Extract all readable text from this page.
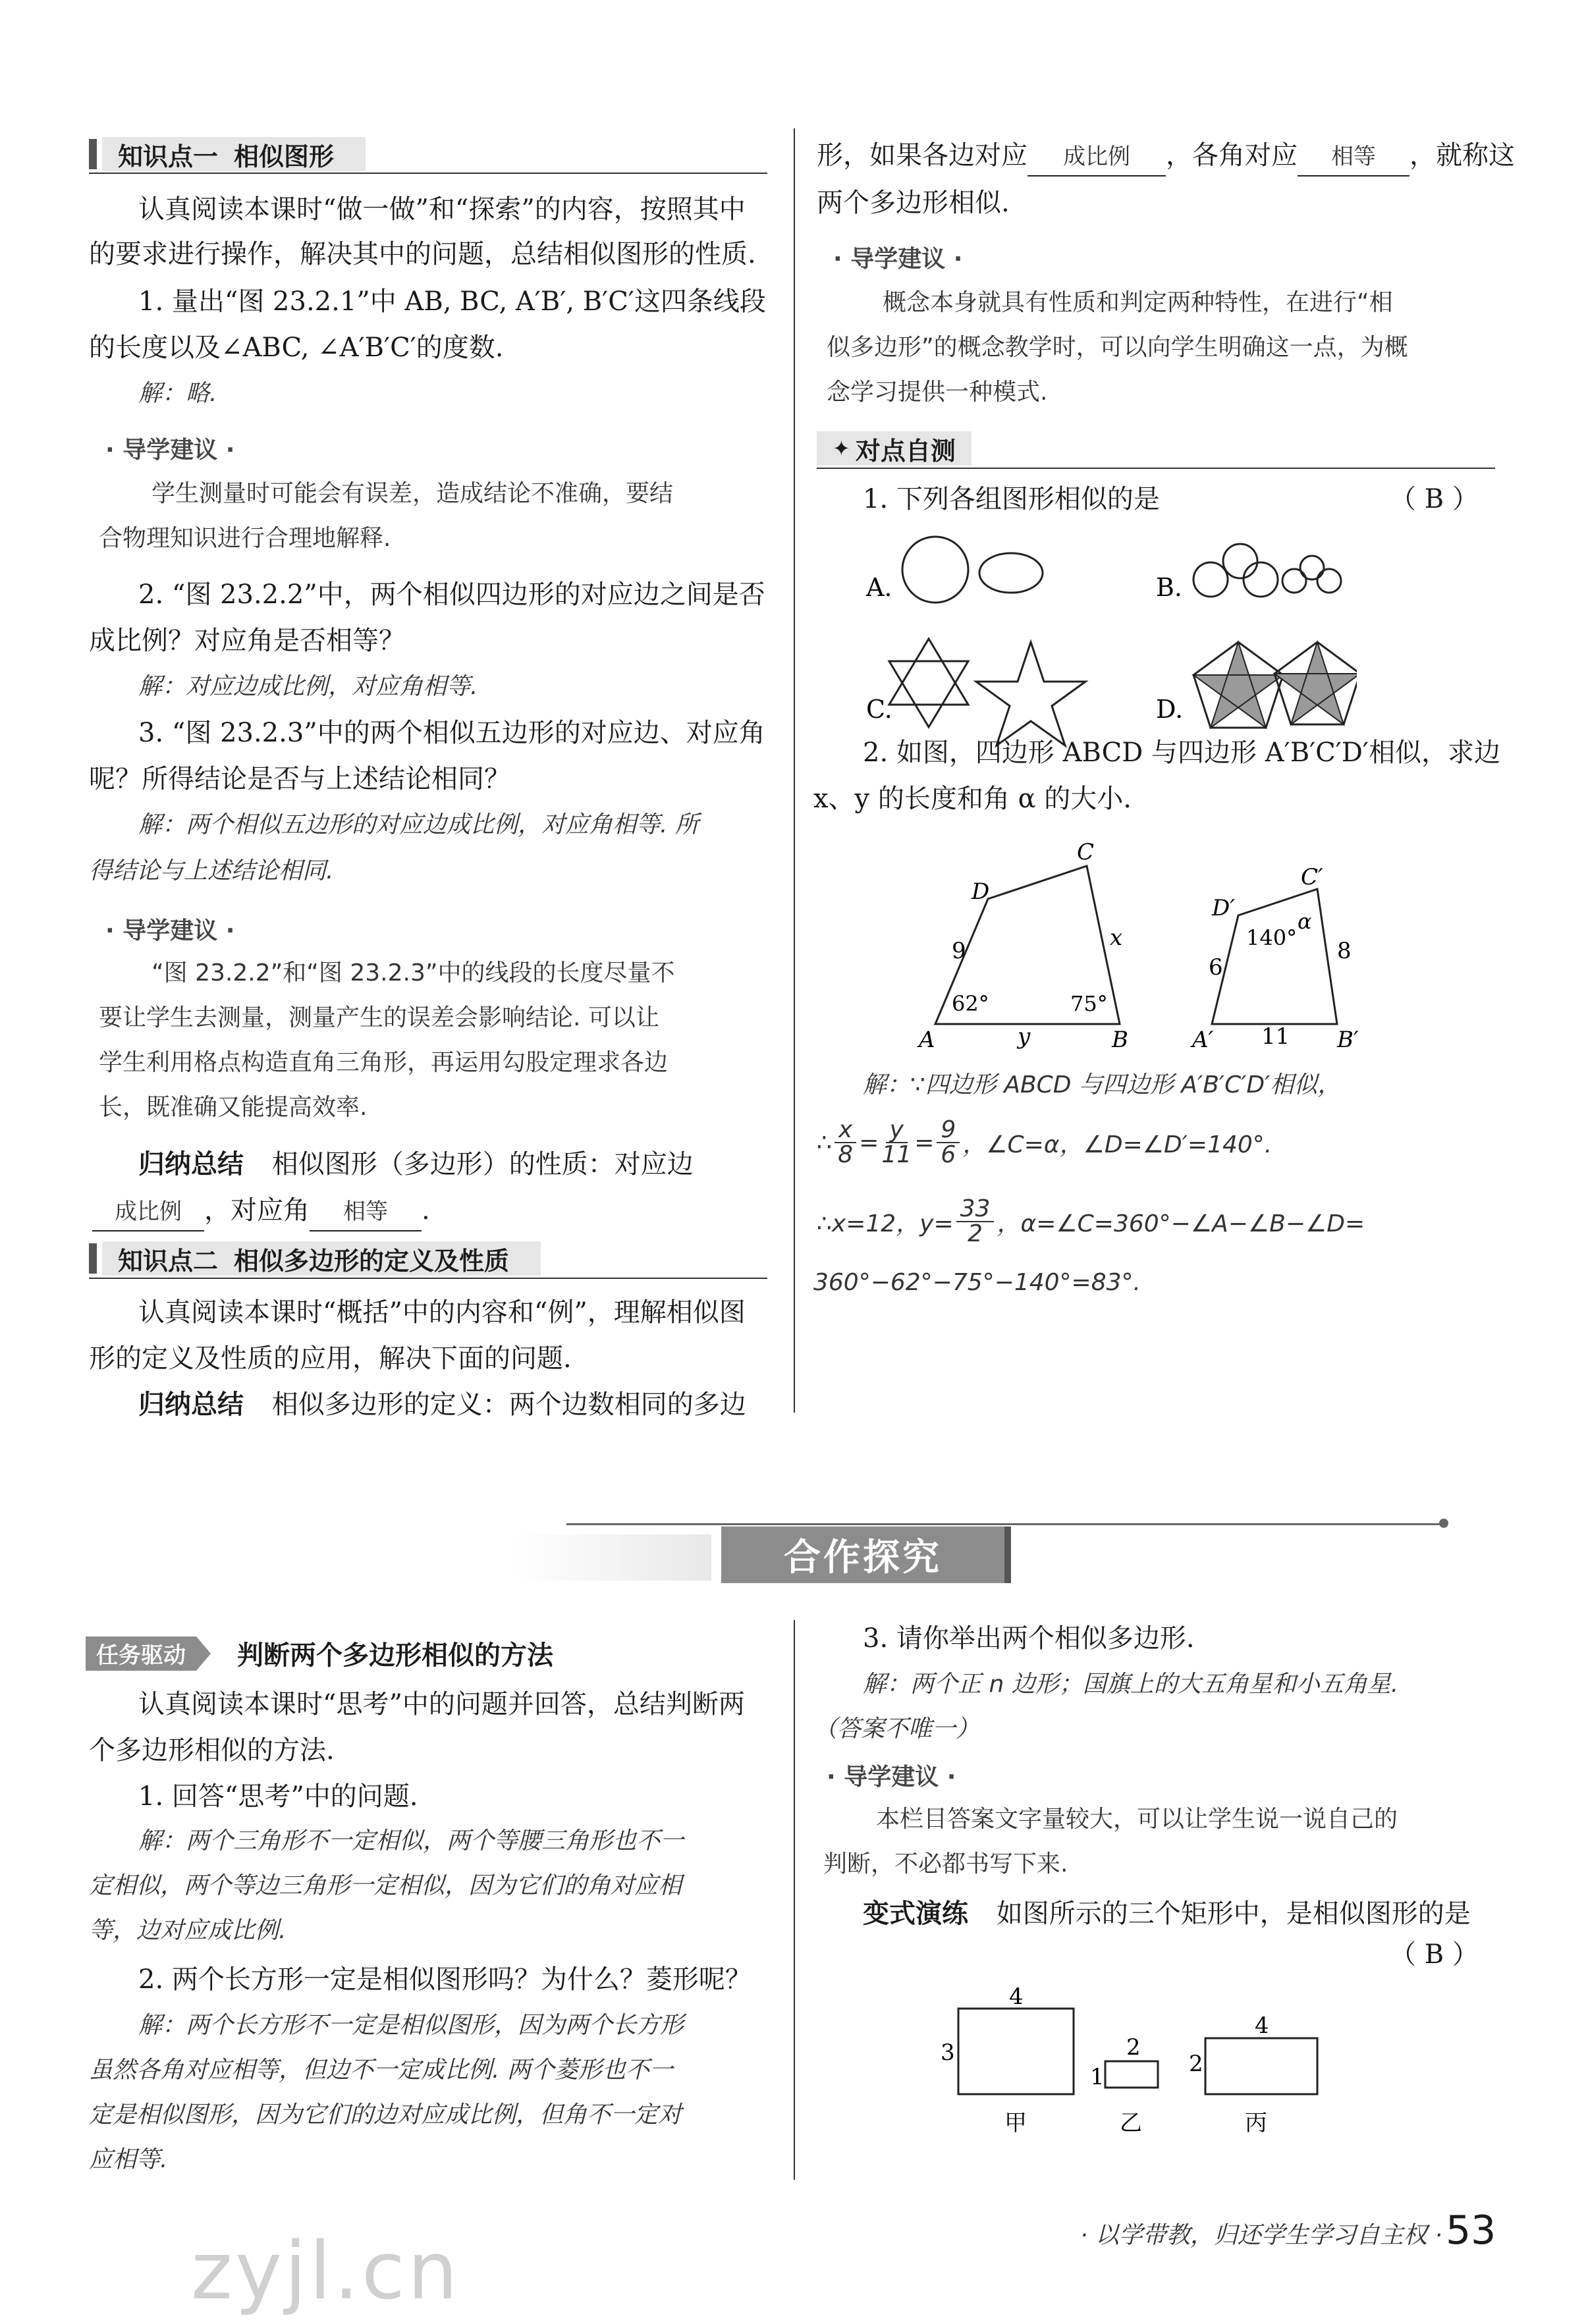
知识点一 相似图形
认真阅读本课时“做一做”和“探索”的内容，按照其中
的要求进行操作，解决其中的问题，总结相似图形的性质.
1. 量出“图 23.2.1”中 AB, BC, A′B′, B′C′这四条线段
的长度以及∠ABC, ∠A′B′C′的度数.
解：略.
· 导学建议 ·
学生测量时可能会有误差，造成结论不准确，要结
合物理知识进行合理地解释.
2. “图 23.2.2”中，两个相似四边形的对应边之间是否
成比例？对应角是否相等？
解：对应边成比例，对应角相等.
3. “图 23.2.3”中的两个相似五边形的对应边、对应角
呢？所得结论是否与上述结论相同？
解：两个相似五边形的对应边成比例，对应角相等. 所
得结论与上述结论相同.
· 导学建议 ·
“图 23.2.2”和“图 23.2.3”中的线段的长度尽量不
要让学生去测量，测量产生的误差会影响结论. 可以让
学生利用格点构造直角三角形，再运用勾股定理求各边
长，既准确又能提高效率.
归纳总结 相似图形（多边形）的性质：对应边
成比例 ，对应角 相等 .
知识点二 相似多边形的定义及性质
认真阅读本课时“概括”中的内容和“例”，理解相似图
形的定义及性质的应用，解决下面的问题.
归纳总结 相似多边形的定义：两个边数相同的多边
形，如果各边对应 成比例 ，各角对应 相等 ，就称这
两个多边形相似.
· 导学建议 ·
概念本身就具有性质和判定两种特性，在进行“相
似多边形”的概念教学时，可以向学生明确这一点，为概
念学习提供一种模式.
✦ 对点自测
1. 下列各组图形相似的是	（ B ）
A.	B.
C.	D.
2. 如图，四边形 ABCD 与四边形 A′B′C′D′相似，求边
x、y 的长度和角 α 的大小.
C
D
A	B
9	x
y
62°	75°
C′
D′
A′	B′
6
8
11
140°
α
解：∵四边形 ABCD 与四边形 A′B′C′D′相似，
∴ $\frac{x}{8} = \frac{y}{11} = \frac{9}{6}$ ，∠C=α，∠D=∠D′=140°.
∴x=12，$y= \frac{33}{2}$ ，α=∠C=360°−∠A−∠B−∠D=
360°−62°−75°−140°=83°.
合作探究
任务驱动 判断两个多边形相似的方法
认真阅读本课时“思考”中的问题并回答，总结判断两
个多边形相似的方法.
1. 回答“思考”中的问题.
解：两个三角形不一定相似，两个等腰三角形也不一
定相似，两个等边三角形一定相似，因为它们的角对应相
等，边对应成比例.
2. 两个长方形一定是相似图形吗？为什么？菱形呢？
解：两个长方形不一定是相似图形，因为两个长方形
虽然各角对应相等，但边不一定成比例. 两个菱形也不一
定是相似图形，因为它们的边对应成比例，但角不一定对
应相等.
3. 请你举出两个相似多边形.
解：两个正 n 边形；国旗上的大五角星和小五角星.
（答案不唯一）
· 导学建议 ·
本栏目答案文字量较大，可以让学生说一说自己的
判断，不必都书写下来.
变式演练 如图所示的三个矩形中，是相似图形的是
（ B ）
4
3
甲
2
1
乙
4
2
丙
zyjl.cn	· 以学带教，归还学生学习自主权 · 53
